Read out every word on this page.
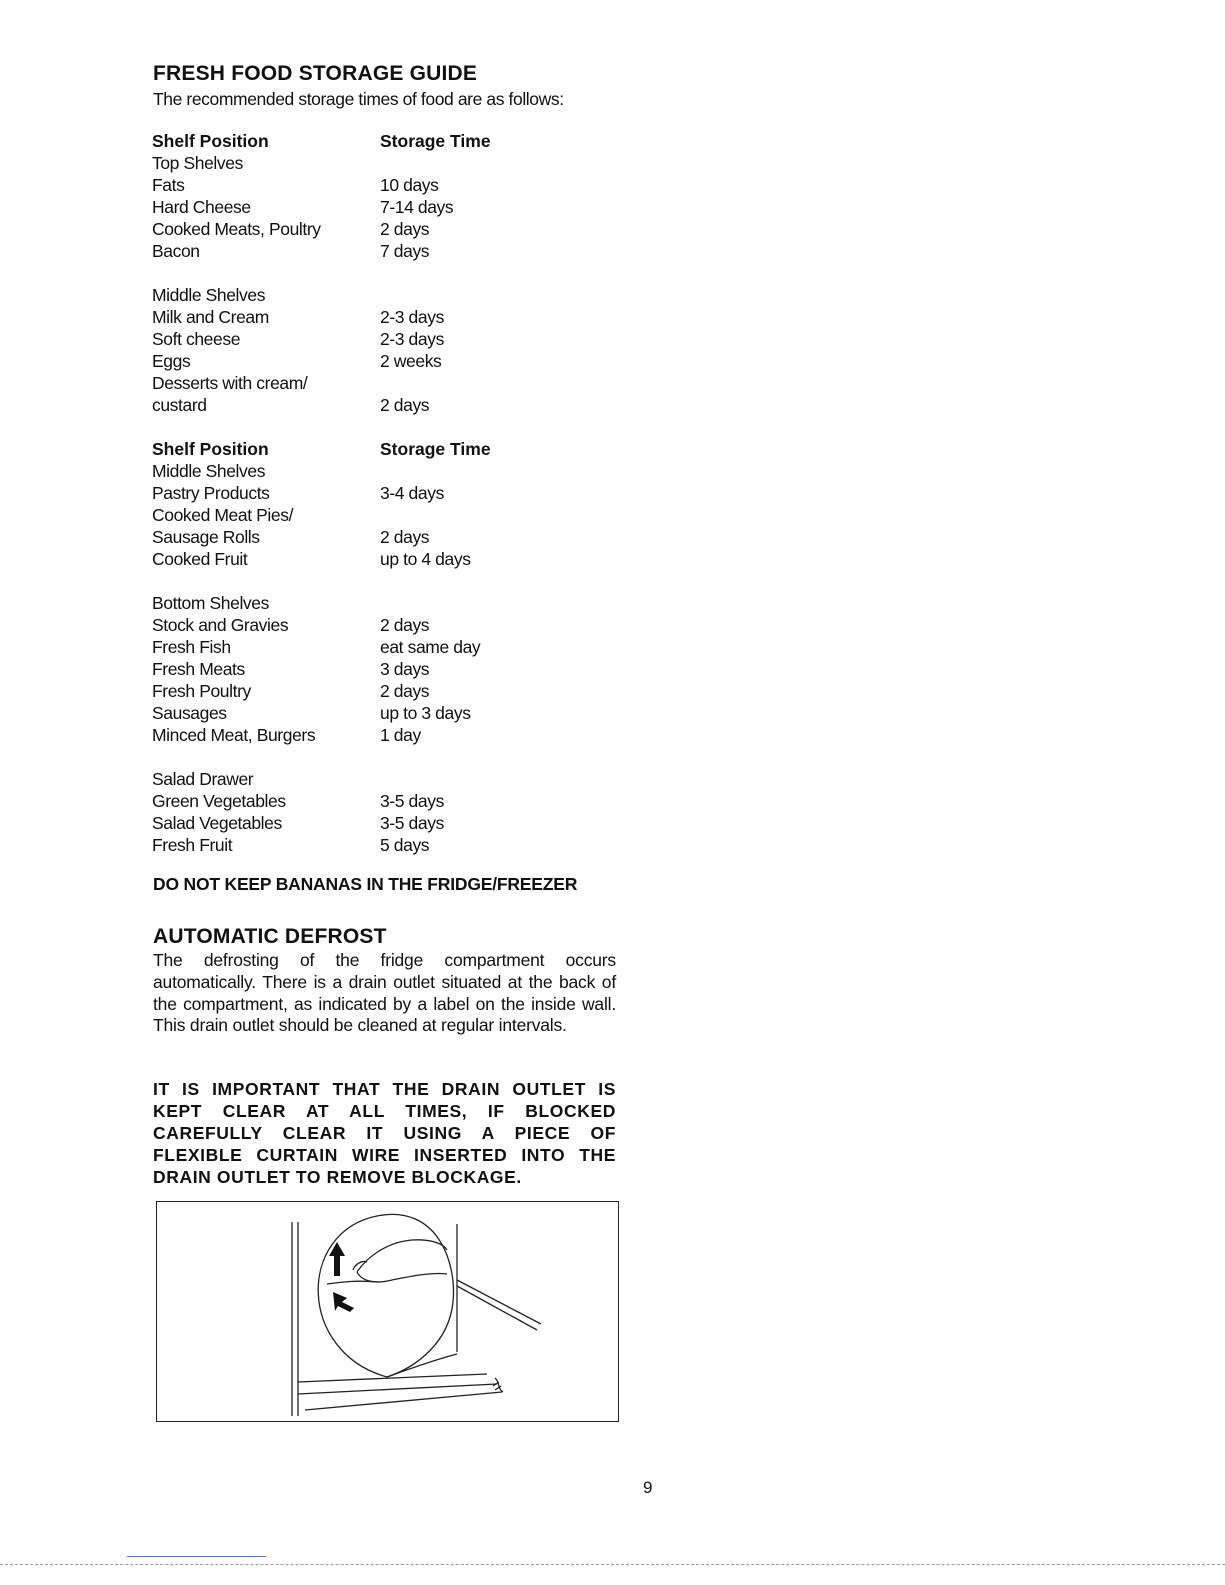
FRESH FOOD STORAGE GUIDE
The recommended storage times of food are as follows:
Shelf Position	Storage Time
Top Shelves
Fats	10 days
Hard Cheese	7-14 days
Cooked Meats, Poultry	2 days
Bacon	7 days
Middle Shelves
Milk and Cream	2-3 days
Soft cheese	2-3 days
Eggs	2 weeks
Desserts with cream/
custard	2 days
Shelf Position	Storage Time
Middle Shelves
Pastry Products	3-4 days
Cooked Meat Pies/
Sausage Rolls	2 days
Cooked Fruit	up to 4 days
Bottom Shelves
Stock and Gravies	2 days
Fresh Fish	eat same day
Fresh Meats	3 days
Fresh Poultry	2 days
Sausages	up to 3 days
Minced Meat, Burgers	1 day
Salad Drawer
Green Vegetables	3-5 days
Salad Vegetables	3-5 days
Fresh Fruit	5 days
DO NOT KEEP BANANAS IN THE FRIDGE/FREEZER
AUTOMATIC DEFROST
The defrosting of the fridge compartment occurs automatically. There is a drain outlet situated at the back of the compartment, as indicated by a label on the inside wall. This drain outlet should be cleaned at regular intervals.
IT IS IMPORTANT THAT THE DRAIN OUTLET IS KEPT CLEAR AT ALL TIMES, IF BLOCKED CAREFULLY CLEAR IT USING A PIECE OF FLEXIBLE CURTAIN WIRE INSERTED INTO THE DRAIN OUTLET TO REMOVE BLOCKAGE.
9
